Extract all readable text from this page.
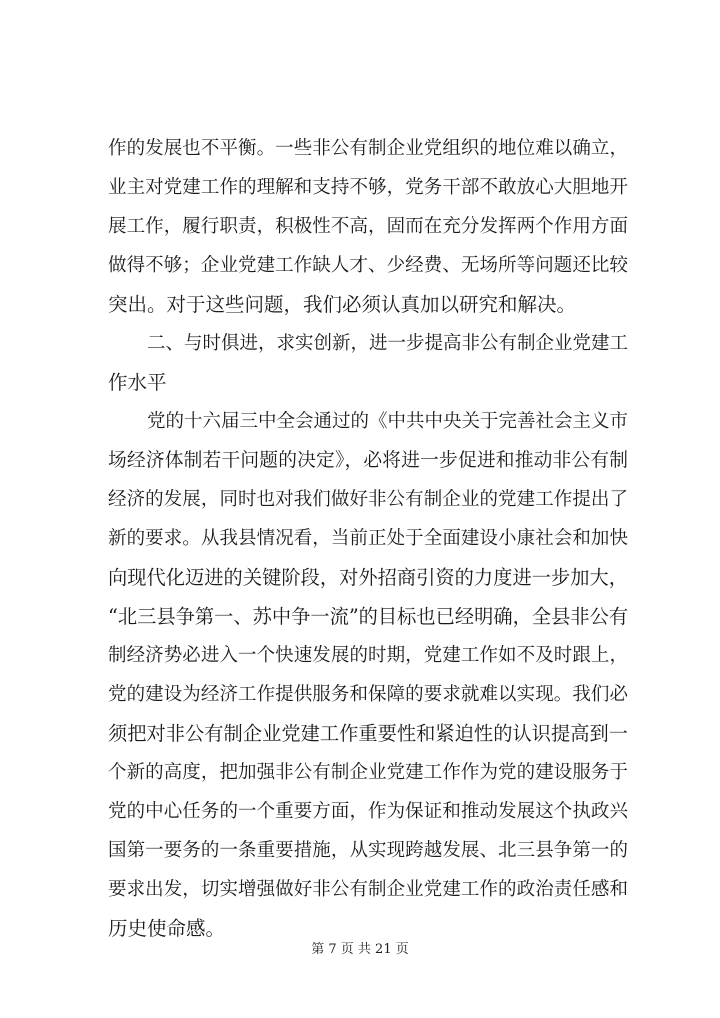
作的发展也不平衡。一些非公有制企业党组织的地位难以确立，
业主对党建工作的理解和支持不够，党务干部不敢放心大胆地开
展工作，履行职责，积极性不高，固而在充分发挥两个作用方面
做得不够；企业党建工作缺人才、少经费、无场所等问题还比较
突出。对于这些问题，我们必须认真加以研究和解决。
二、与时俱进，求实创新，进一步提高非公有制企业党建工
作水平
党的十六届三中全会通过的《中共中央关于完善社会主义市
场经济体制若干问题的决定》，必将进一步促进和推动非公有制
经济的发展，同时也对我们做好非公有制企业的党建工作提出了
新的要求。从我县情况看，当前正处于全面建设小康社会和加快
向现代化迈进的关键阶段，对外招商引资的力度进一步加大，
“北三县争第一、苏中争一流”的目标也已经明确，全县非公有
制经济势必进入一个快速发展的时期，党建工作如不及时跟上，
党的建设为经济工作提供服务和保障的要求就难以实现。我们必
须把对非公有制企业党建工作重要性和紧迫性的认识提高到一
个新的高度，把加强非公有制企业党建工作作为党的建设服务于
党的中心任务的一个重要方面，作为保证和推动发展这个执政兴
国第一要务的一条重要措施，从实现跨越发展、北三县争第一的
要求出发，切实增强做好非公有制企业党建工作的政治责任感和
历史使命感。
第 7 页 共 21 页
